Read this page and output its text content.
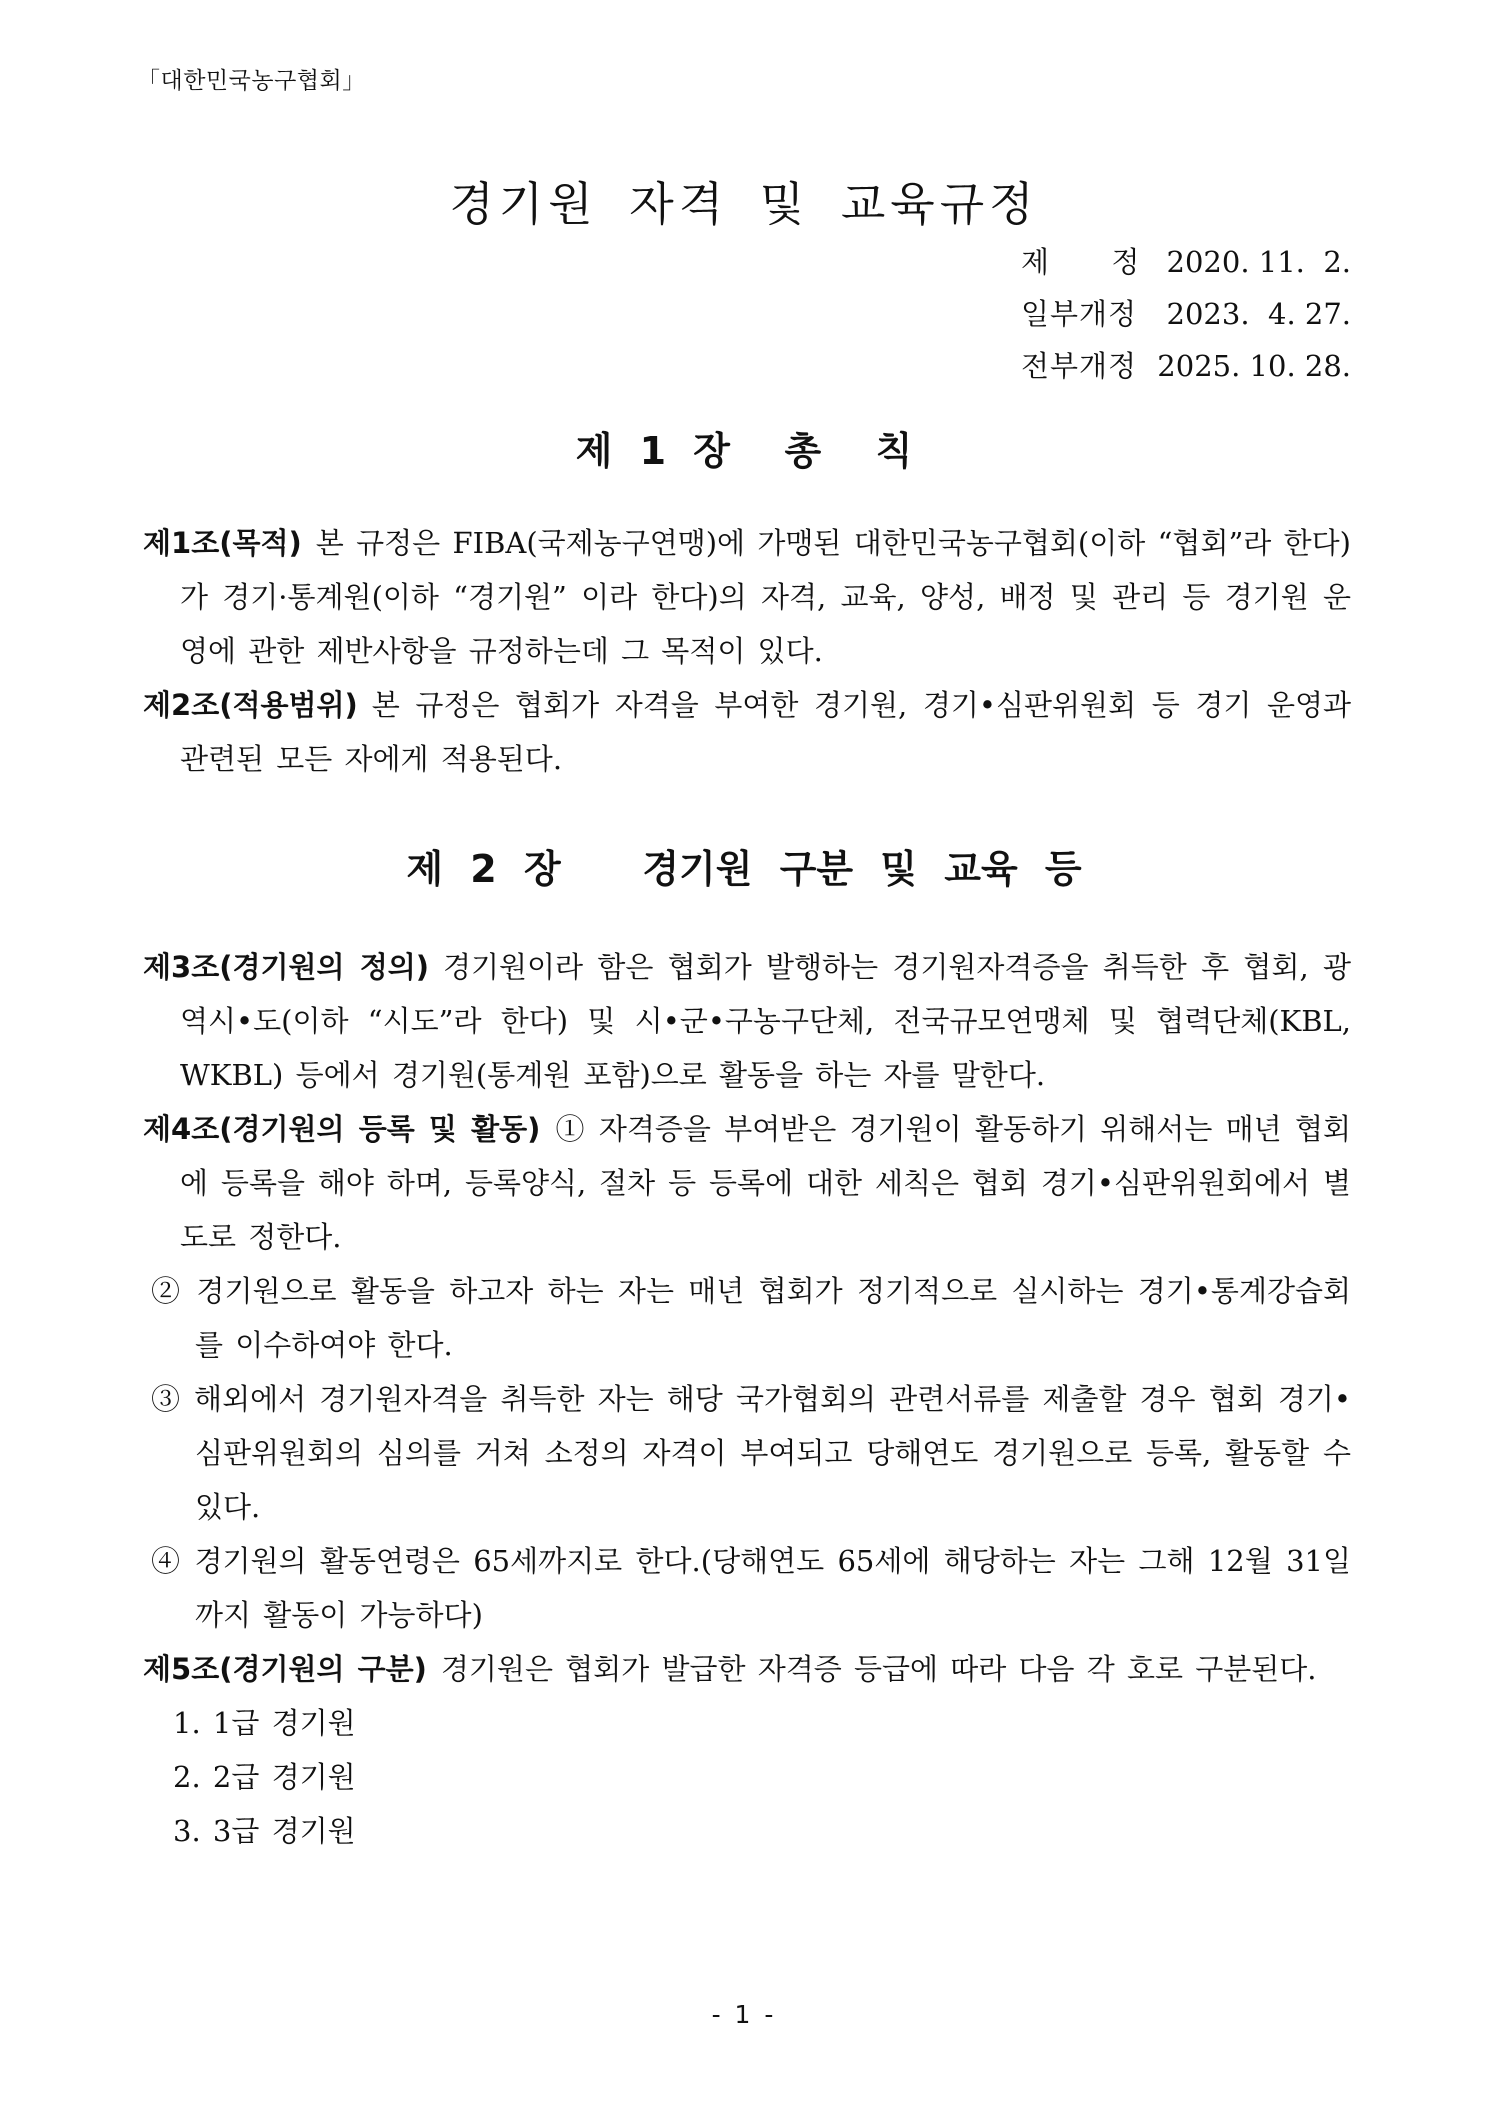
「대한민국농구협회」
경기원 자격 및 교육규정
제      정 2020. 11.  2.
일부개정 2023.  4. 27.
전부개정 2025. 10. 28.
제 1 장  총  칙

제1조(목적) 본 규정은 FIBA(국제농구연맹)에 가맹된 대한민국농구협회(이하 “협회”라 한다)가 경기·통계원(이하 “경기원” 이라 한다)의 자격, 교육, 양성, 배정 및 관리 등 경기원 운영에 관한 제반사항을 규정하는데 그 목적이 있다.

제2조(적용범위) 본 규정은 협회가 자격을 부여한 경기원, 경기•심판위원회 등 경기 운영과 관련된 모든 자에게 적용된다.

제 2 장   경기원 구분 및 교육 등

제3조(경기원의 정의) 경기원이라 함은 협회가 발행하는 경기원자격증을 취득한 후 협회, 광역시•도(이하 “시도”라 한다) 및 시•군•구농구단체, 전국규모연맹체 및 협력단체(KBL, WKBL) 등에서 경기원(통계원 포함)으로 활동을 하는 자를 말한다.

제4조(경기원의 등록 및 활동) ① 자격증을 부여받은 경기원이 활동하기 위해서는 매년 협회에 등록을 해야 하며, 등록양식, 절차 등 등록에 대한 세칙은 협회 경기•심판위원회에서 별도로 정한다.

② 경기원으로 활동을 하고자 하는 자는 매년 협회가 정기적으로 실시하는 경기•통계강습회를 이수하여야 한다.

③ 해외에서 경기원자격을 취득한 자는 해당 국가협회의 관련서류를 제출할 경우 협회 경기•심판위원회의 심의를 거쳐 소정의 자격이 부여되고 당해연도 경기원으로 등록, 활동할 수 있다.

④ 경기원의 활동연령은 65세까지로 한다.(당해연도 65세에 해당하는 자는 그해 12월 31일까지 활동이 가능하다)

제5조(경기원의 구분) 경기원은 협회가 발급한 자격증 등급에 따라 다음 각 호로 구분된다.

1. 1급 경기원

2. 2급 경기원

3. 3급 경기원

- 1 -
